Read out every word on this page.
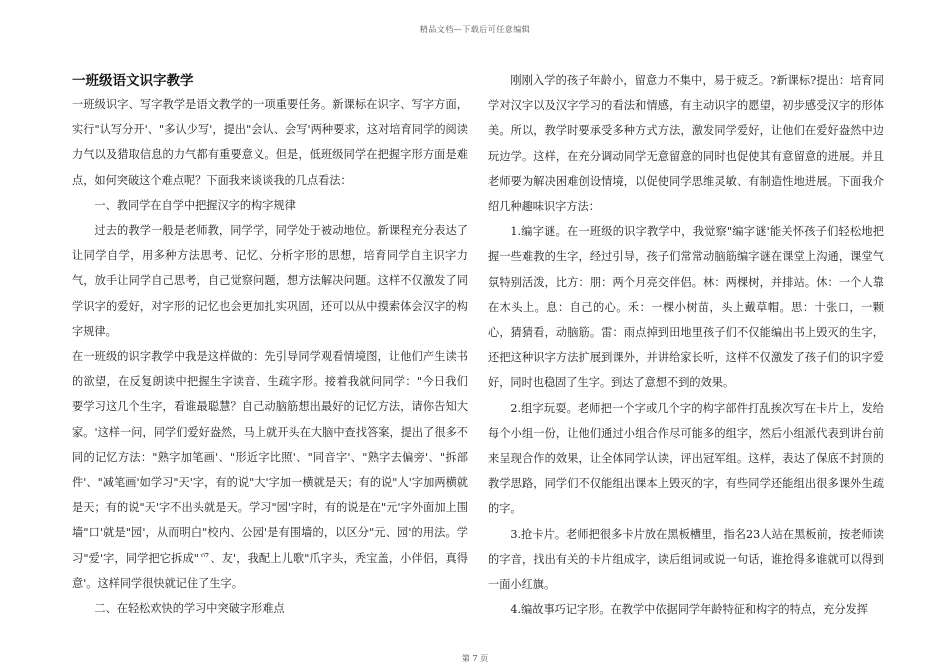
精品文档—下载后可任意编辑
一班级语文识字教学

一班级识字、写字教学是语文教学的一项重要任务。新课标在识字、写字方面，实行"认写分开'、"多认少写'，提出"会认、会写'两种要求，这对培育同学的阅读力气以及猎取信息的力气都有重要意义。但是，低班级同学在把握字形方面是难点，如何突破这个难点呢？下面我来谈谈我的几点看法：

一、教同学在自学中把握汉字的构字规律

过去的教学一般是老师教，同学学，同学处于被动地位。新课程充分表达了让同学自学，用多种方法思考、记忆、分析字形的思想，培育同学自主识字力气，放手让同学自己思考，自己觉察问题，想方法解决问题。这样不仅激发了同学识字的爱好，对字形的记忆也会更加扎实巩固，还可以从中摸索体会汉字的构字规律。

在一班级的识字教学中我是这样做的：先引导同学观看情境图，让他们产生读书的欲望，在反复朗读中把握生字读音、生疏字形。接着我就问同学："今日我们要学习这几个生字，看谁最聪慧？自己动脑筋想出最好的记忆方法，请你告知大家。'这样一问，同学们爱好盎然，马上就开头在大脑中查找答案，提出了很多不同的记忆方法："熟字加笔画'、"形近字比照'、"同音字'、"熟字去偏旁'、"拆部件'、"减笔画'如学习"天'字，有的说"大'字加一横就是天；有的说"人'字加两横就是天；有的说"天'字不出头就是天。学习"园'字时，有的说是在"元'字外面加上围墙"口'就是"园'，从而明白"校内、公园'是有围墙的，以区分"元、园'的用法。学习"爱'字，同学把它拆成"爫、友'，我配上儿歌"爪字头，秃宝盖，小伴侣，真得意'。这样同学很快就记住了生字。

二、在轻松欢快的学习中突破字形难点

刚刚入学的孩子年龄小，留意力不集中，易于疲乏。?新课标?提出：培育同学对汉字以及汉字学习的看法和情感，有主动识字的愿望，初步感受汉字的形体美。所以，教学时要承受多种方式方法，激发同学爱好，让他们在爱好盎然中边玩边学。这样，在充分调动同学无意留意的同时也促使其有意留意的进展。并且老师要为解决困难创设情境，以促使同学思维灵敏、有制造性地进展。下面我介绍几种趣味识字方法：

1.编字谜。在一班级的识字教学中，我觉察"编字谜'能关怀孩子们轻松地把握一些难教的生字，经过引导，孩子们常常动脑筋编字谜在课堂上沟通，课堂气氛特别活泼，比方：朋：两个月亮交伴侣。林：两棵树，并排站。休：一个人靠在木头上。息：自己的心。禾：一棵小树苗，头上戴草帽。思：十张口，一颗心，猜猜看，动脑筋。雷：雨点掉到田地里孩子们不仅能编出书上毁灭的生字，还把这种识字方法扩展到课外，并讲给家长听，这样不仅激发了孩子们的识字爱好，同时也稳固了生字。到达了意想不到的效果。

2.组字玩耍。老师把一个字或几个字的构字部件打乱挨次写在卡片上，发给每个小组一份，让他们通过小组合作尽可能多的组字，然后小组派代表到讲台前来呈现合作的效果，让全体同学认读，评出冠军组。这样，表达了保底不封顶的教学思路，同学们不仅能组出课本上毁灭的字，有些同学还能组出很多课外生疏的字。

3.抢卡片。老师把很多卡片放在黑板槽里，指名23人站在黑板前，按老师读的字音，找出有关的卡片组成字，读后组词或说一句话，谁抢得多谁就可以得到一面小红旗。

4.编故事巧记字形。在教学中依据同学年龄特征和构字的特点，充分发挥

第 7 页
